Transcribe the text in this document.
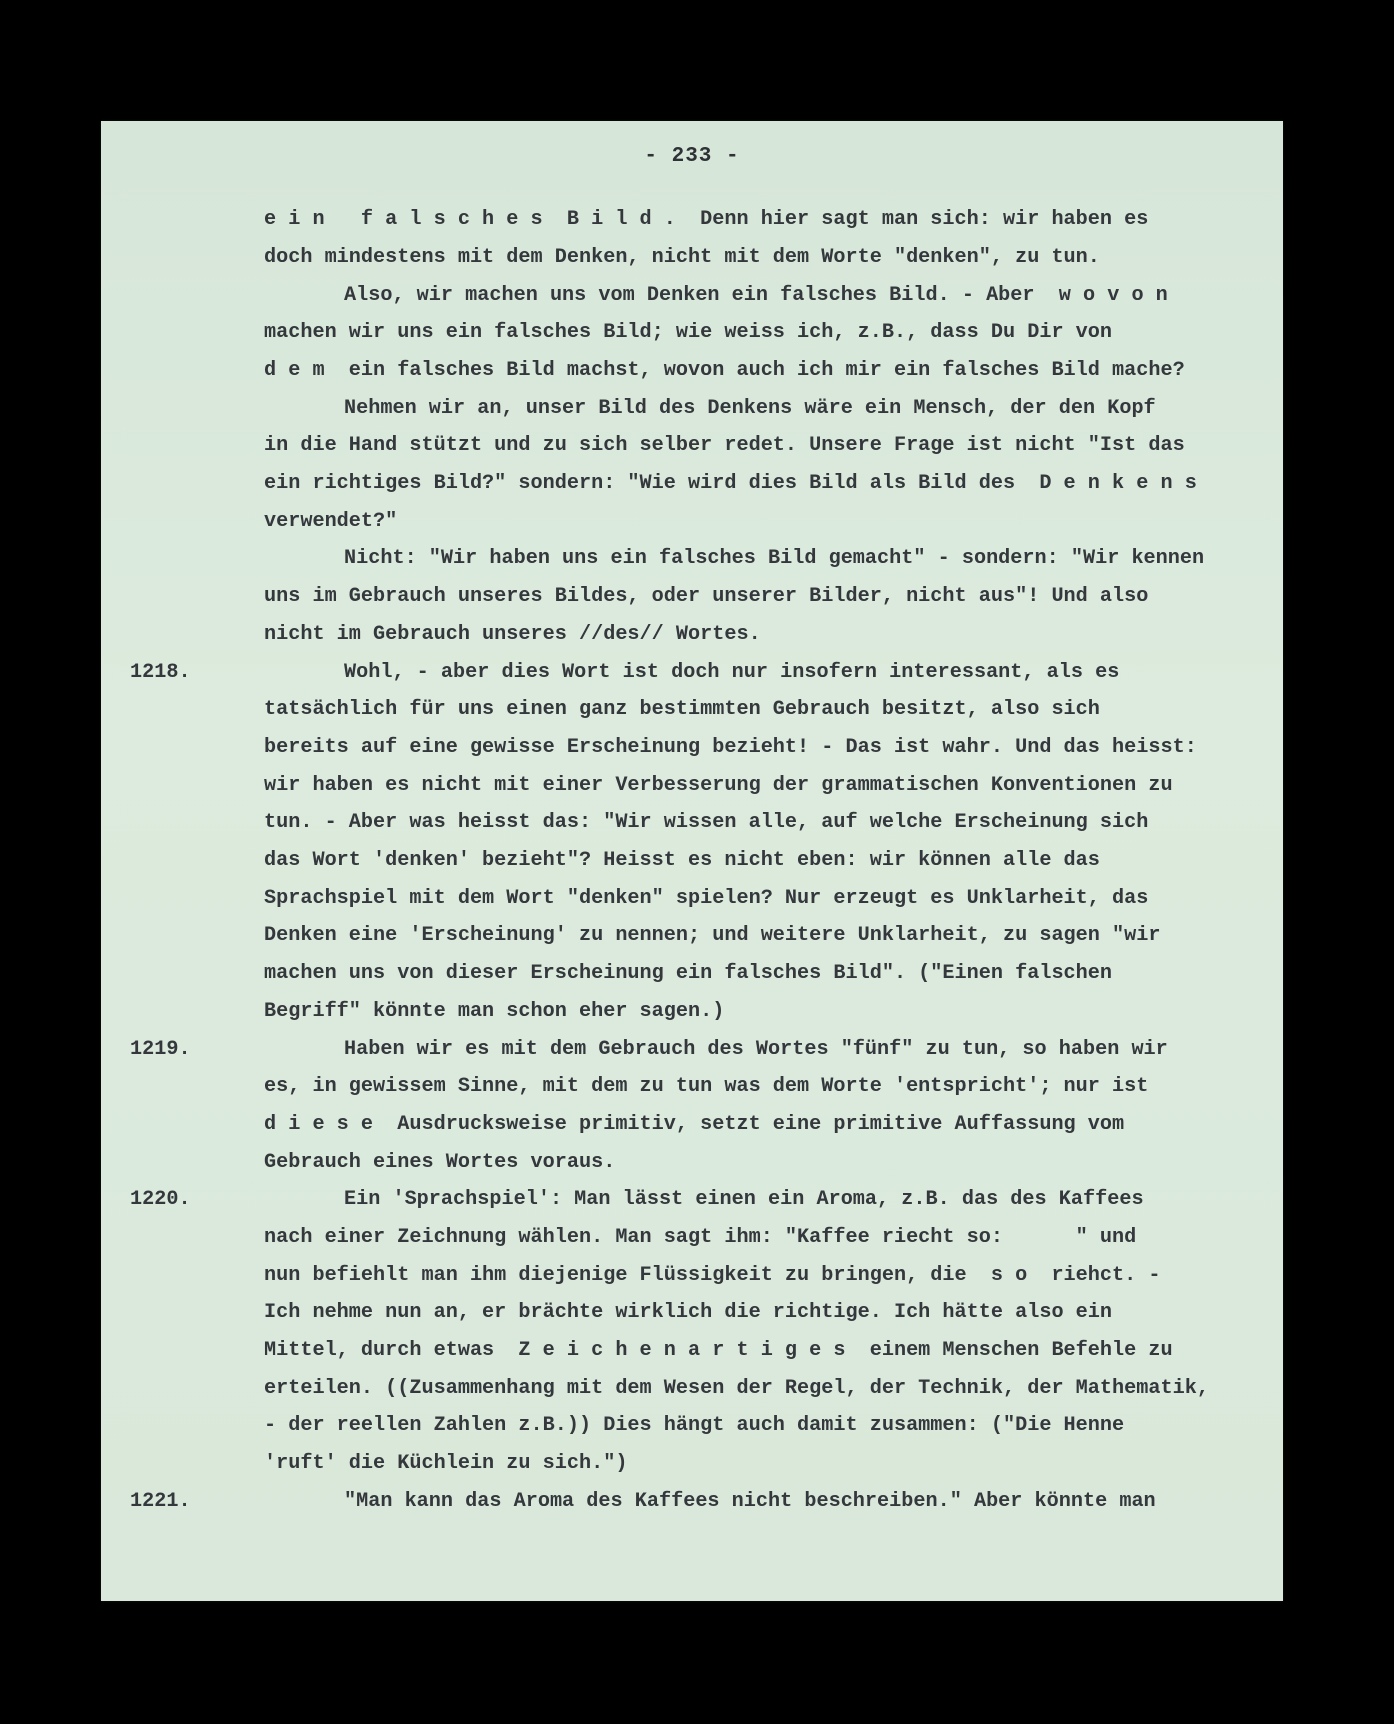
- 233 -
e i n   f a l s c h e s  B i l d .  Denn hier sagt man sich: wir haben es
doch mindestens mit dem Denken, nicht mit dem Worte "denken", zu tun.
Also, wir machen uns vom Denken ein falsches Bild. - Aber  w o v o n
machen wir uns ein falsches Bild; wie weiss ich, z.B., dass Du Dir von
d e m  ein falsches Bild machst, wovon auch ich mir ein falsches Bild mache?
Nehmen wir an, unser Bild des Denkens wäre ein Mensch, der den Kopf
in die Hand stützt und zu sich selber redet. Unsere Frage ist nicht "Ist das
ein richtiges Bild?" sondern: "Wie wird dies Bild als Bild des  D e n k e n s
verwendet?"
Nicht: "Wir haben uns ein falsches Bild gemacht" - sondern: "Wir kennen
uns im Gebrauch unseres Bildes, oder unserer Bilder, nicht aus"! Und also
nicht im Gebrauch unseres //des// Wortes.
1218.	Wohl, - aber dies Wort ist doch nur insofern interessant, als es
tatsächlich für uns einen ganz bestimmten Gebrauch besitzt, also sich
bereits auf eine gewisse Erscheinung bezieht! - Das ist wahr. Und das heisst:
wir haben es nicht mit einer Verbesserung der grammatischen Konventionen zu
tun. - Aber was heisst das: "Wir wissen alle, auf welche Erscheinung sich
das Wort 'denken' bezieht"? Heisst es nicht eben: wir können alle das
Sprachspiel mit dem Wort "denken" spielen? Nur erzeugt es Unklarheit, das
Denken eine 'Erscheinung' zu nennen; und weitere Unklarheit, zu sagen "wir
machen uns von dieser Erscheinung ein falsches Bild". ("Einen falschen
Begriff" könnte man schon eher sagen.)
1219.	Haben wir es mit dem Gebrauch des Wortes "fünf" zu tun, so haben wir
es, in gewissem Sinne, mit dem zu tun was dem Worte 'entspricht'; nur ist
d i e s e  Ausdrucksweise primitiv, setzt eine primitive Auffassung vom
Gebrauch eines Wortes voraus.
1220.	Ein 'Sprachspiel': Man lässt einen ein Aroma, z.B. das des Kaffees
nach einer Zeichnung wählen. Man sagt ihm: "Kaffee riecht so:      " und
nun befiehlt man ihm diejenige Flüssigkeit zu bringen, die  s o  riehct. -
Ich nehme nun an, er brächte wirklich die richtige. Ich hätte also ein
Mittel, durch etwas  Z e i c h e n a r t i g e s  einem Menschen Befehle zu
erteilen. ((Zusammenhang mit dem Wesen der Regel, der Technik, der Mathematik,
- der reellen Zahlen z.B.)) Dies hängt auch damit zusammen: ("Die Henne
'ruft' die Küchlein zu sich.")
1221.	"Man kann das Aroma des Kaffees nicht beschreiben." Aber könnte man
